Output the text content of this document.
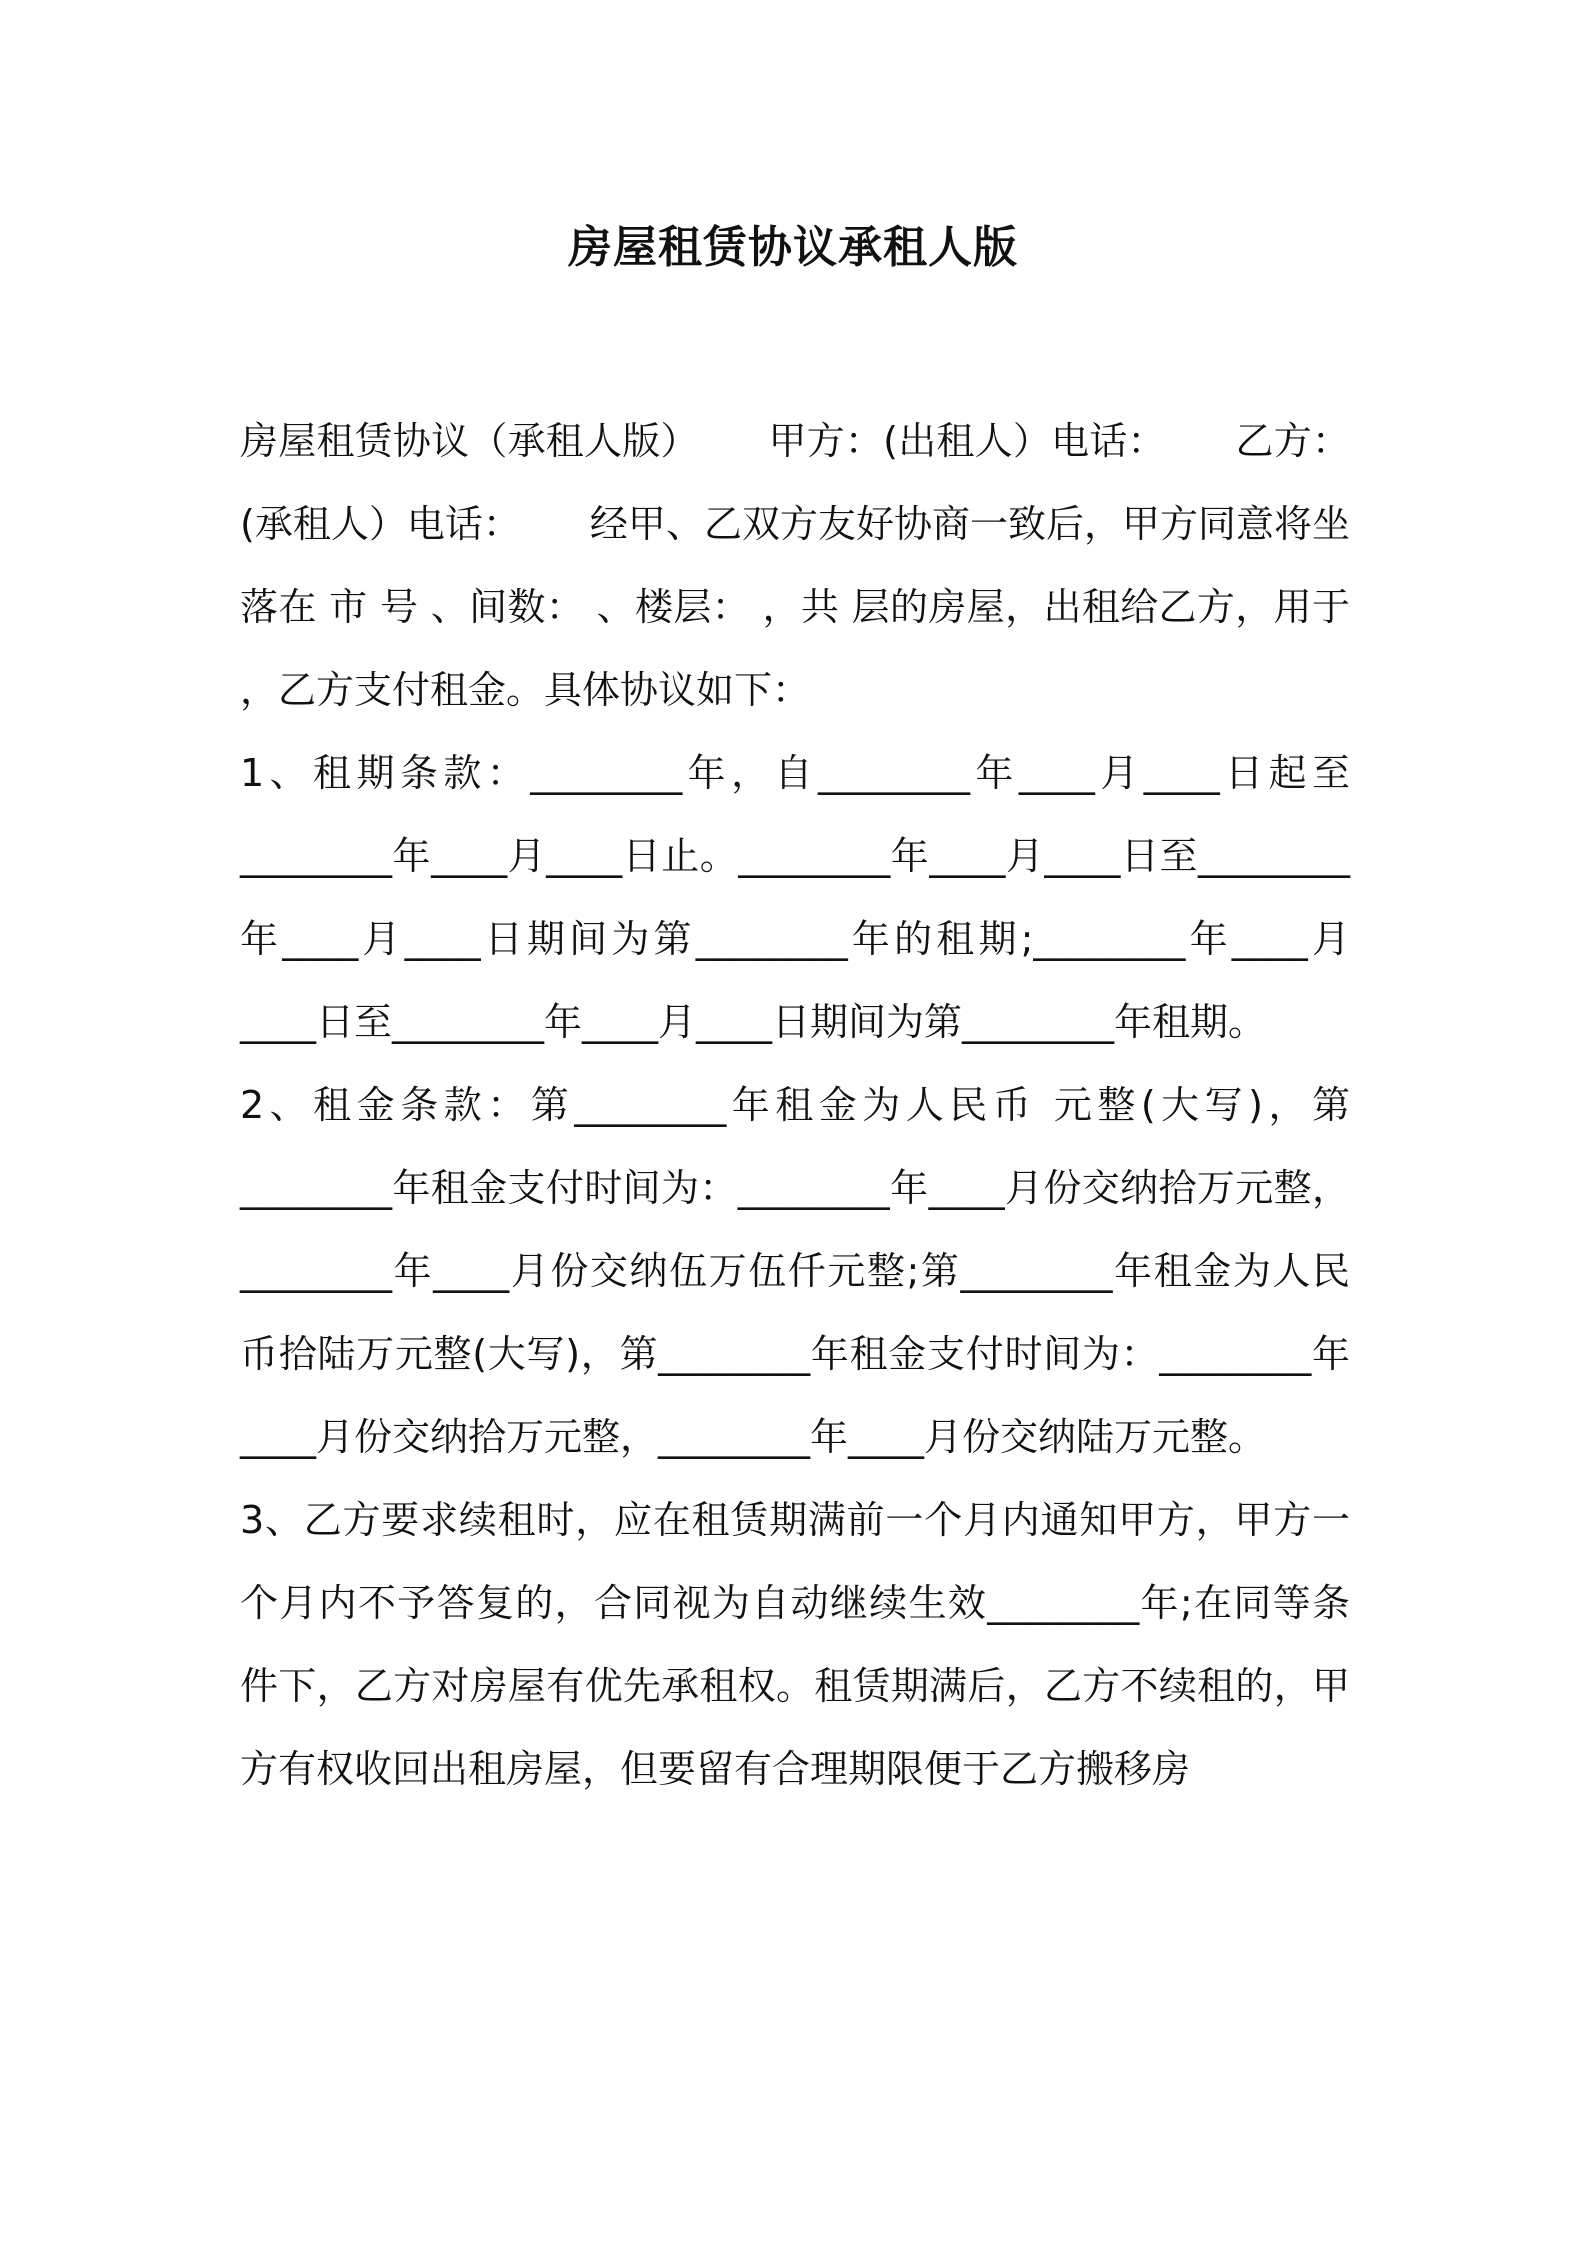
房屋租赁协议承租人版

房屋租赁协议（承租人版）　　 甲方：(出租人）电话：　　 乙方：(承租人）电话：　　 经甲、乙双方友好协商一致后，甲方同意将坐落在 市 号 、间数： 、楼层： ，共 层的房屋，出租给乙方，用于 ，乙方支付租金。具体协议如下：

1、租期条款：________年，自________年____月____日起至________年____月____日止。________年____月____日至________年____月____日期间为第________年的租期;________年____月____日至________年____月____日期间为第________年租期。

2、租金条款：第________年租金为人民币 元整(大写)，第________年租金支付时间为：________年____月份交纳拾万元整，________年____月份交纳伍万伍仟元整;第________年租金为人民币拾陆万元整(大写)，第________年租金支付时间为：________年____月份交纳拾万元整，________年____月份交纳陆万元整。

3、乙方要求续租时，应在租赁期满前一个月内通知甲方，甲方一个月内不予答复的，合同视为自动继续生效________年;在同等条件下，乙方对房屋有优先承租权。租赁期满后，乙方不续租的，甲方有权收回出租房屋，但要留有合理期限便于乙方搬移房
